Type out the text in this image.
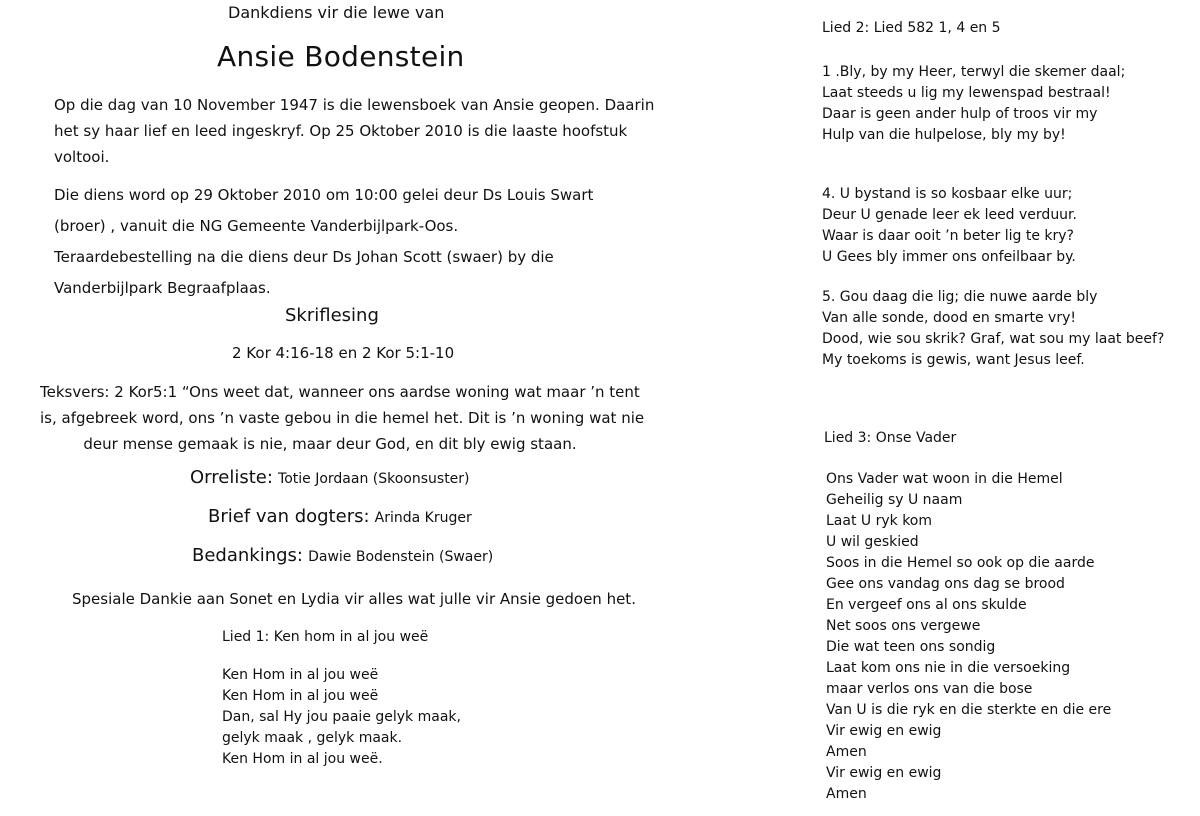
Dankdiens vir die lewe van
Ansie Bodenstein
Op die dag van 10 November 1947 is die lewensboek van Ansie geopen. Daarin
het sy haar lief en leed ingeskryf. Op 25 Oktober 2010 is die laaste hoofstuk
voltooi.
Die diens word op 29 Oktober 2010 om 10:00 gelei deur Ds Louis Swart
(broer) , vanuit die NG Gemeente Vanderbijlpark-Oos.
Teraardebestelling na die diens deur Ds Johan Scott (swaer) by die
Vanderbijlpark Begraafplaas.
Skriflesing
2 Kor 4:16-18 en 2 Kor 5:1-10
Teksvers: 2 Kor5:1 “Ons weet dat, wanneer ons aardse woning wat maar ’n tent
is, afgebreek word, ons ’n vaste gebou in die hemel het. Dit is ’n woning wat nie
deur mense gemaak is nie, maar deur God, en dit bly ewig staan.
Orreliste: Totie Jordaan (Skoonsuster)
Brief van dogters: Arinda Kruger
Bedankings: Dawie Bodenstein (Swaer)
Spesiale Dankie aan Sonet en Lydia vir alles wat julle vir Ansie gedoen het.
Lied 1: Ken hom in al jou weë
Ken Hom in al jou weë
Ken Hom in al jou weë
Dan, sal Hy jou paaie gelyk maak,
gelyk maak , gelyk maak.
Ken Hom in al jou weë.
Lied 2: Lied 582 1, 4 en 5
1 .Bly, by my Heer, terwyl die skemer daal;
Laat steeds u lig my lewenspad bestraal!
Daar is geen ander hulp of troos vir my
Hulp van die hulpelose, bly my by!
4. U bystand is so kosbaar elke uur;
Deur U genade leer ek leed verduur.
Waar is daar ooit ’n beter lig te kry?
U Gees bly immer ons onfeilbaar by.
5. Gou daag die lig; die nuwe aarde bly
Van alle sonde, dood en smarte vry!
Dood, wie sou skrik? Graf, wat sou my laat beef?
My toekoms is gewis, want Jesus leef.
Lied 3: Onse Vader
Ons Vader wat woon in die Hemel
Geheilig sy U naam
Laat U ryk kom
U wil geskied
Soos in die Hemel so ook op die aarde
Gee ons vandag ons dag se brood
En vergeef ons al ons skulde
Net soos ons vergewe
Die wat teen ons sondig
Laat kom ons nie in die versoeking
maar verlos ons van die bose
Van U is die ryk en die sterkte en die ere
Vir ewig en ewig
Amen
Vir ewig en ewig
Amen
